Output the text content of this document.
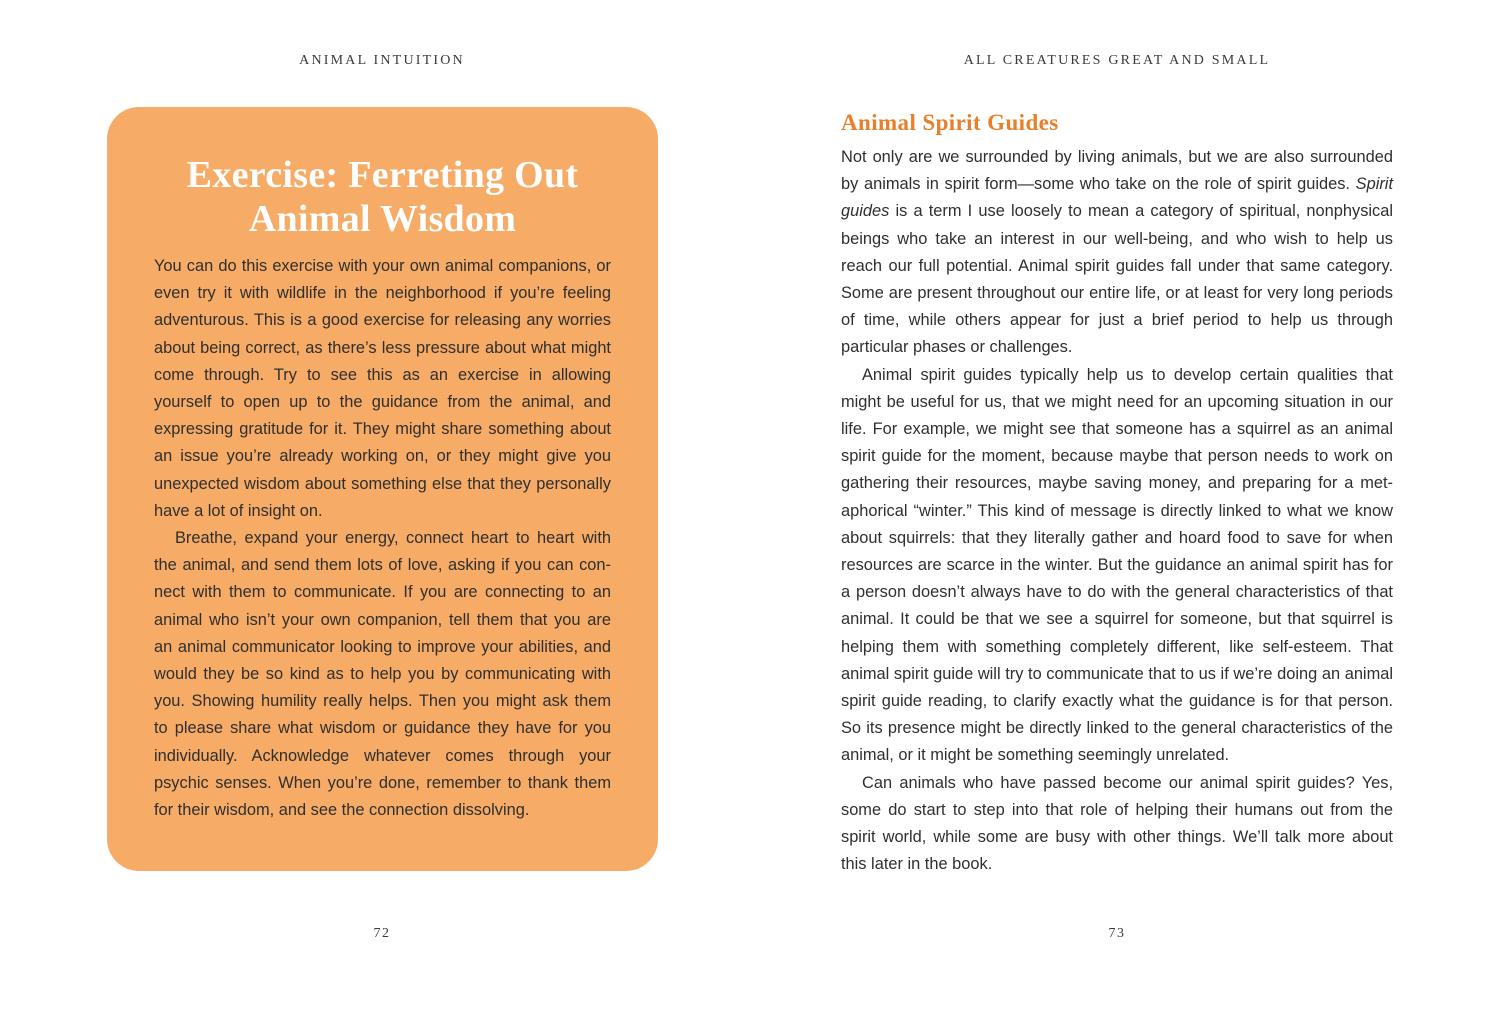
ANIMAL INTUITION
Exercise: Ferreting Out
Animal Wisdom

You can do this exercise with your own animal companions, or even try it with wildlife in the neighborhood if you’re feeling adventurous. This is a good exercise for releasing any worries about being correct, as there’s less pressure about what might come through. Try to see this as an exercise in allowing yourself to open up to the guidance from the animal, and expressing gratitude for it. They might share something about an issue you’re already working on, or they might give you unexpected wisdom about something else that they personally have a lot of insight on.

Breathe, expand your energy, connect heart to heart with the animal, and send them lots of love, asking if you can connect with them to communicate. If you are connecting to an animal who isn’t your own companion, tell them that you are an animal communicator looking to improve your abilities, and would they be so kind as to help you by communicating with you. Showing humility really helps. Then you might ask them to please share what wisdom or guidance they have for you individually. Acknowledge whatever comes through your psychic senses. When you’re done, remember to thank them for their wisdom, and see the connection dissolving.

72
ALL CREATURES GREAT AND SMALL
Animal Spirit Guides

Not only are we surrounded by living animals, but we are also surrounded by animals in spirit form—some who take on the role of spirit guides. Spirit guides is a term I use loosely to mean a category of spiritual, nonphysical beings who take an interest in our well-being, and who wish to help us reach our full potential. Animal spirit guides fall under that same category. Some are present throughout our entire life, or at least for very long periods of time, while others appear for just a brief period to help us through particular phases or challenges.

Animal spirit guides typically help us to develop certain qualities that might be useful for us, that we might need for an upcoming situation in our life. For example, we might see that someone has a squirrel as an animal spirit guide for the moment, because maybe that person needs to work on gathering their resources, maybe saving money, and preparing for a metaphorical “winter.” This kind of message is directly linked to what we know about squirrels: that they literally gather and hoard food to save for when resources are scarce in the winter. But the guidance an animal spirit has for a person doesn’t always have to do with the general characteristics of that animal. It could be that we see a squirrel for someone, but that squirrel is helping them with something completely different, like self-esteem. That animal spirit guide will try to communicate that to us if we’re doing an animal spirit guide reading, to clarify exactly what the guidance is for that person. So its presence might be directly linked to the general characteristics of the animal, or it might be something seemingly unrelated.

Can animals who have passed become our animal spirit guides? Yes, some do start to step into that role of helping their humans out from the spirit world, while some are busy with other things. We’ll talk more about this later in the book.

73
